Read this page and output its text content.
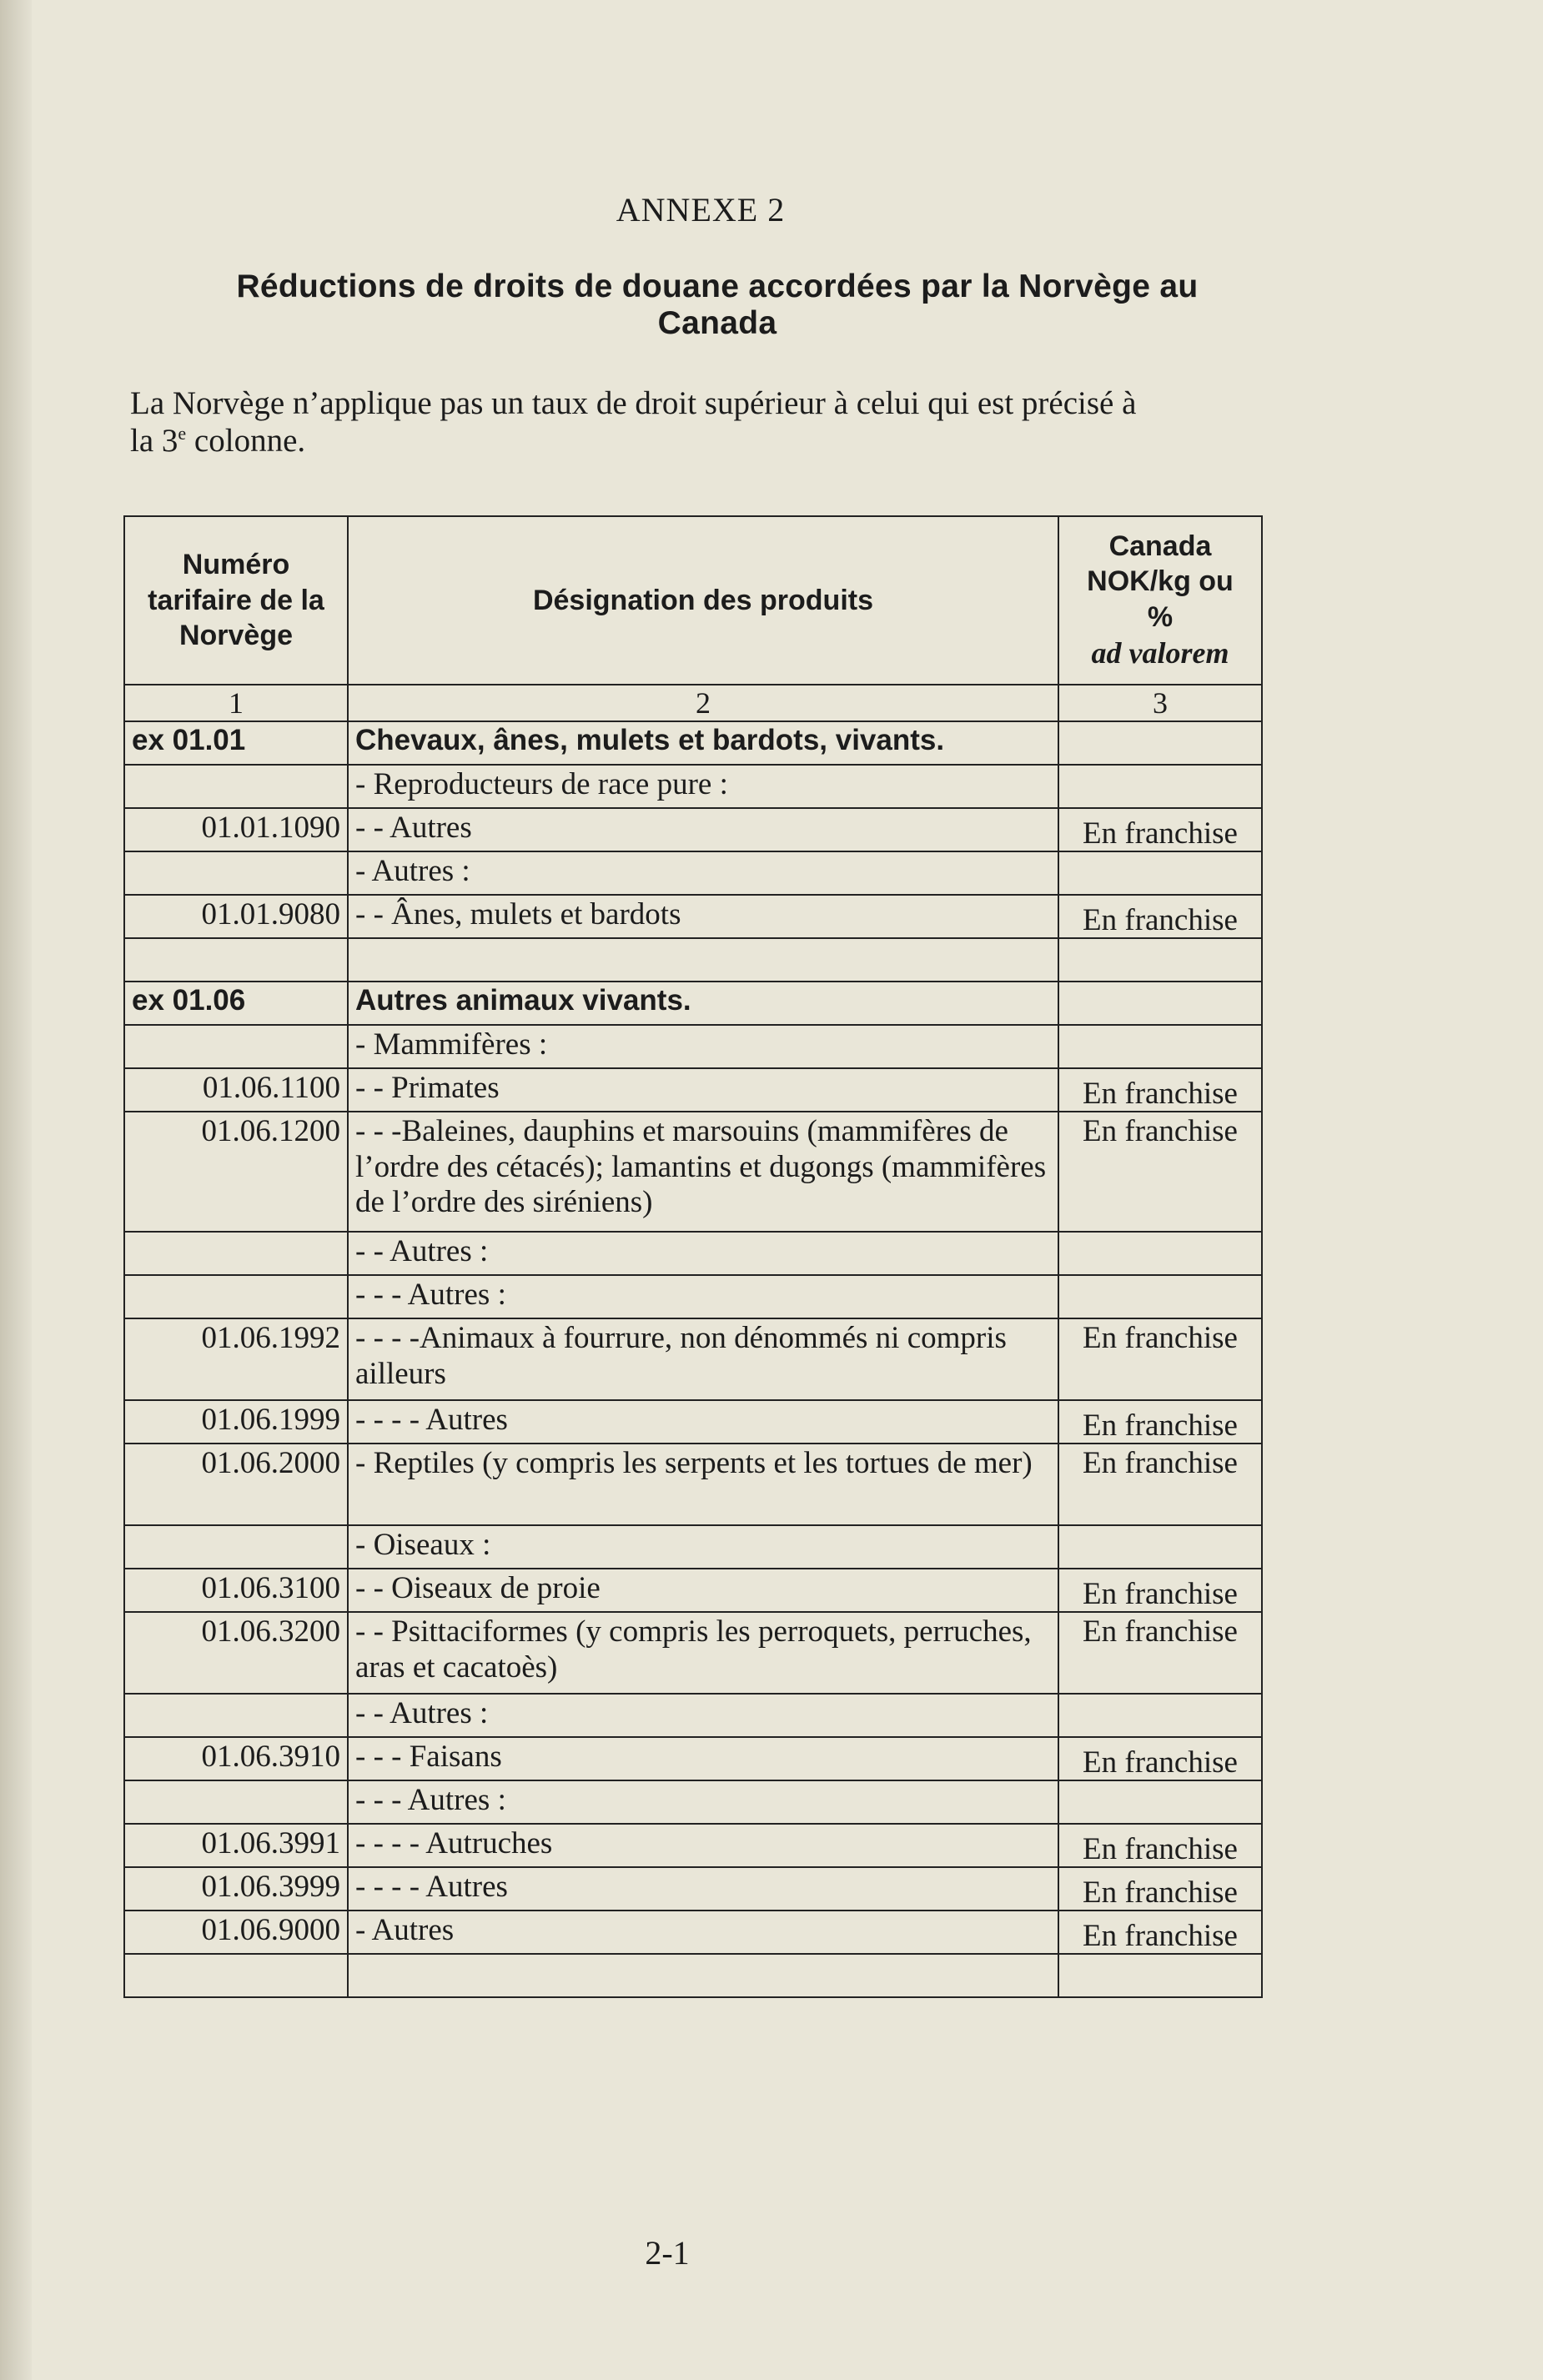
ANNEXE 2
Réductions de droits de douane accordées par la Norvège au Canada
La Norvège n’applique pas un taux de droit supérieur à celui qui est précisé à
la 3e colonne.
Numéro tarifaire de la Norvège	Désignation des produits	Canada
NOK/kg ou
%
ad valorem

1	2	3
ex 01.01	Chevaux, ânes, mulets et bardots, vivants.	
	- Reproducteurs de race pure :	
01.01.1090	- - Autres	En franchise
	- Autres :	
01.01.9080	- - Ânes, mulets et bardots	En franchise

ex 01.06	Autres animaux vivants.	
	- Mammifères :	
01.06.1100	- - Primates	En franchise
01.06.1200	- - -Baleines, dauphins et marsouins (mammifères de l’ordre des cétacés); lamantins et dugongs (mammifères de l’ordre des siréniens)	En franchise
	- - Autres :	
	- - - Autres :	
01.06.1992	- - - -Animaux à fourrure, non dénommés ni compris ailleurs	En franchise
01.06.1999	- - - - Autres	En franchise
01.06.2000	- Reptiles (y compris les serpents et les tortues de mer)	En franchise
	- Oiseaux :	
01.06.3100	- - Oiseaux de proie	En franchise
01.06.3200	- - Psittaciformes (y compris les perroquets, perruches, aras et cacatoès)	En franchise
	- - Autres :	
01.06.3910	- - - Faisans	En franchise
	- - - Autres :	
01.06.3991	- - - - Autruches	En franchise
01.06.3999	- - - - Autres	En franchise
01.06.9000	- Autres	En franchise

2-1
